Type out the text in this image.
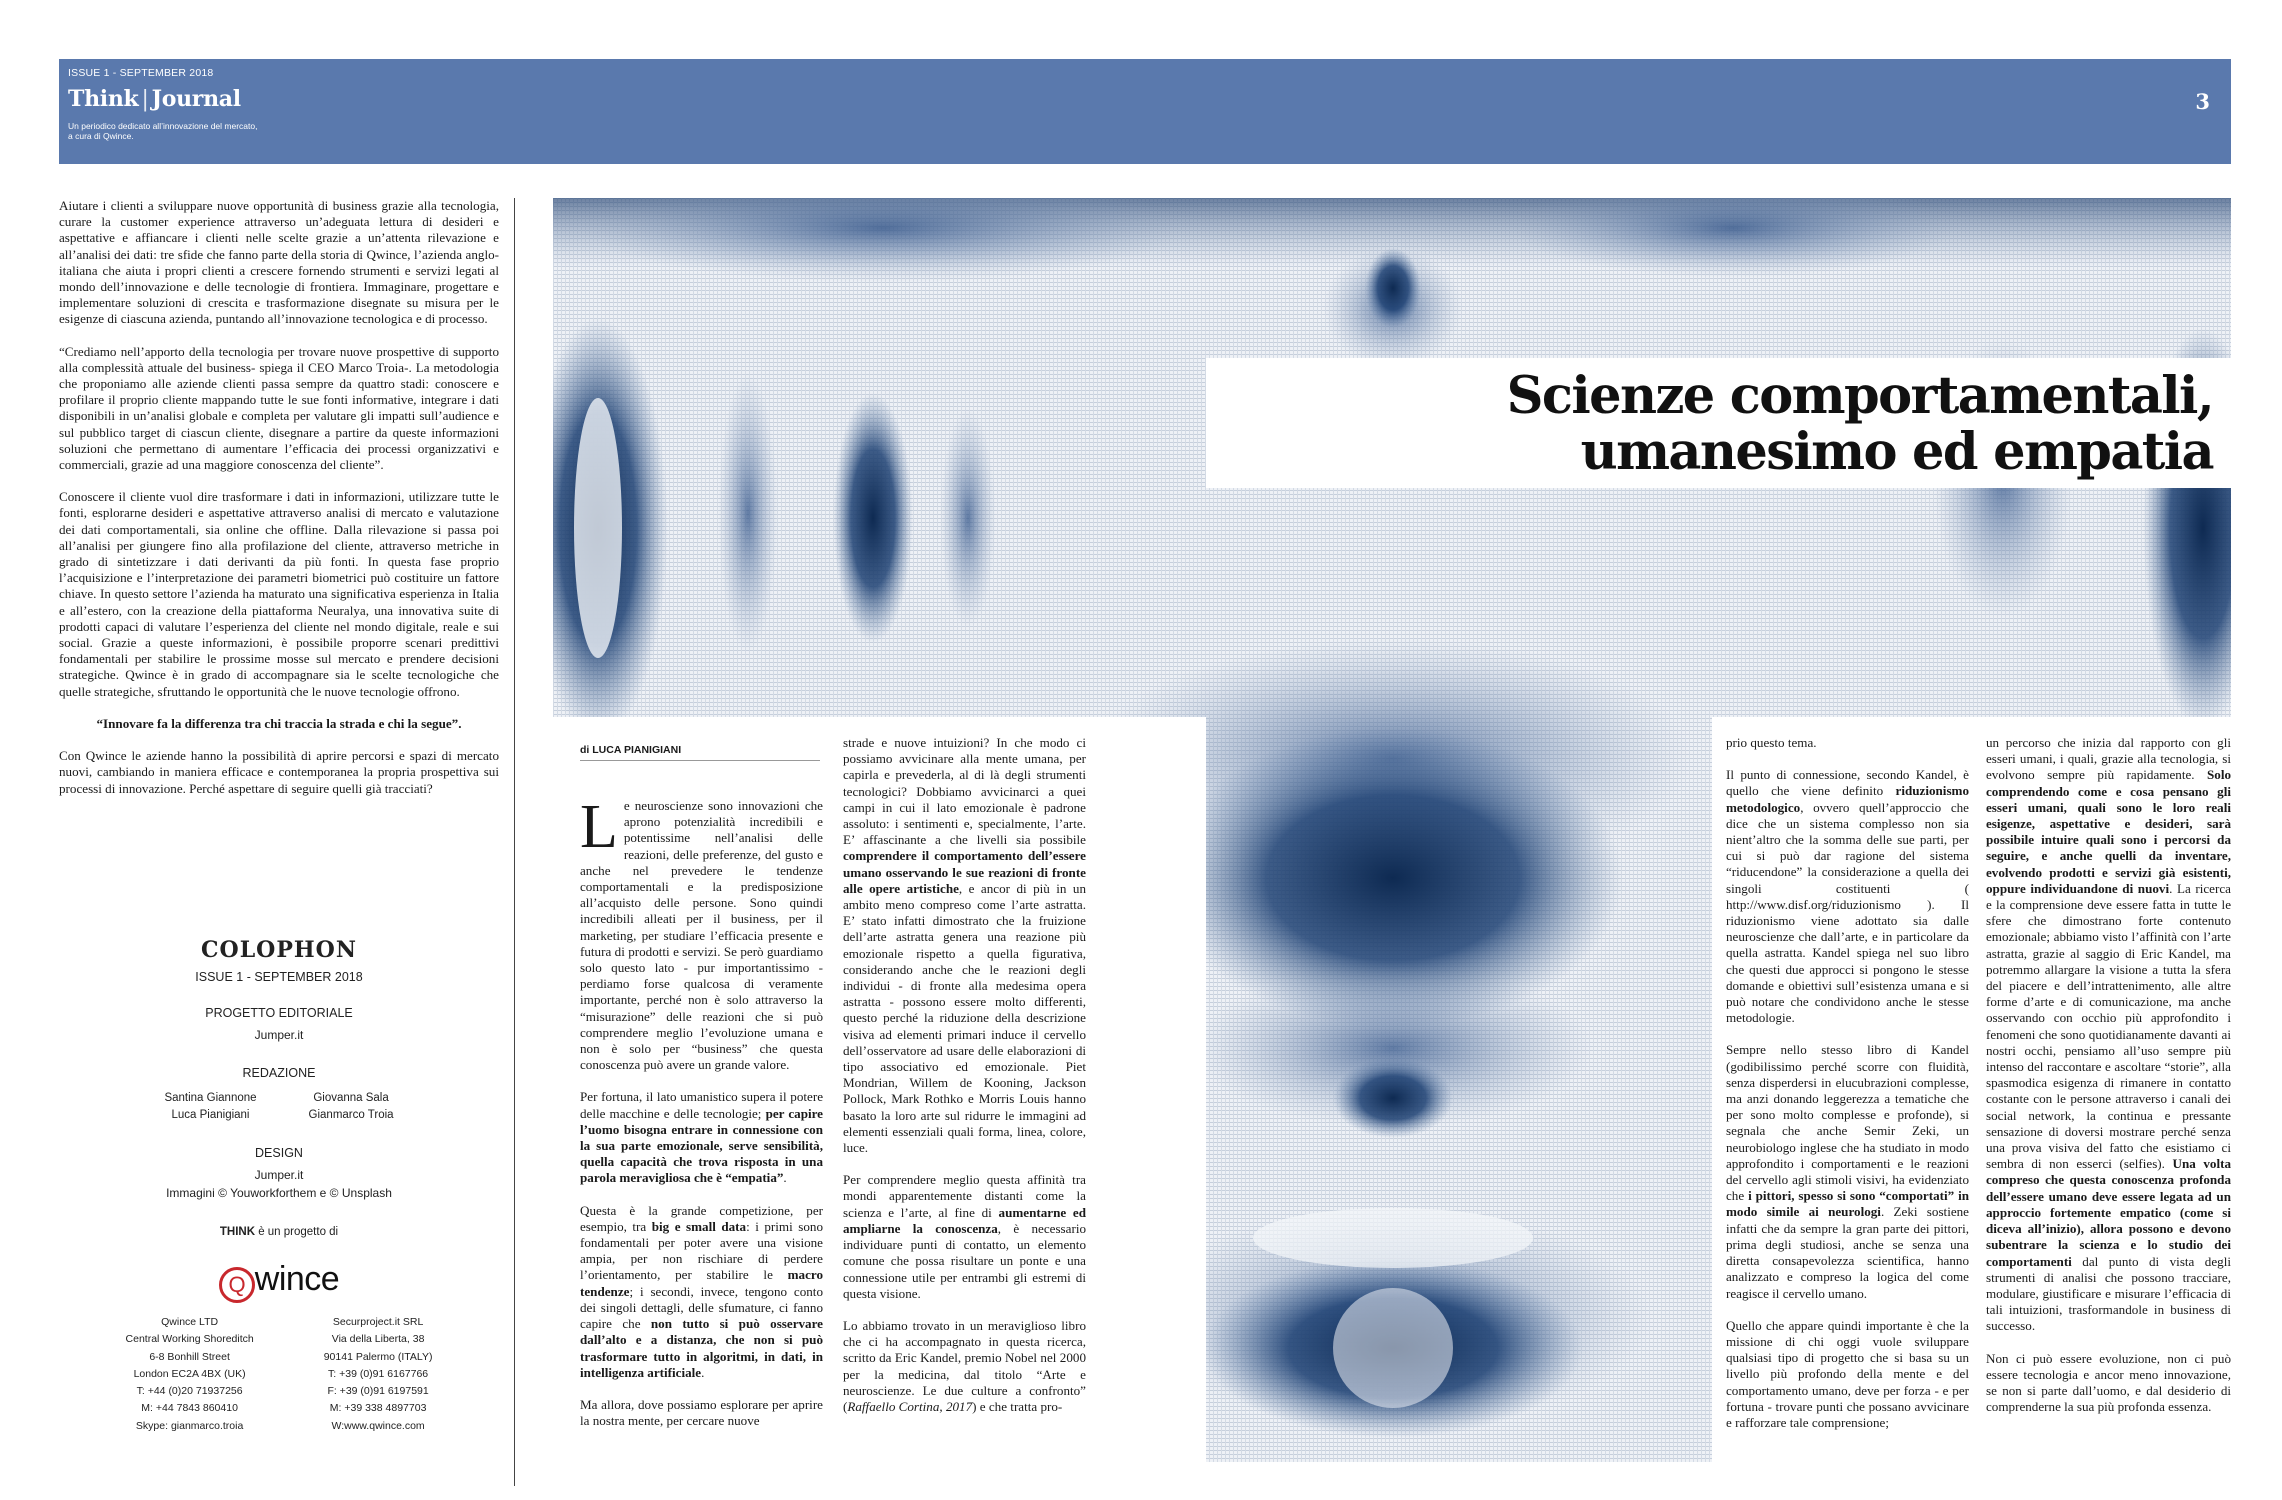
ISSUE 1 - SEPTEMBER 2018
Think | Journal
Un periodico dedicato all’innovazione del mercato, a cura di Qwince.
3

Aiutare i clienti a sviluppare nuove opportunità di business grazie alla tecnologia, curare la customer experience attraverso un’adeguata lettura di desideri e aspettative e affiancare i clienti nelle scelte grazie a un’attenta rilevazione e all’analisi dei dati: tre sfide che fanno parte della storia di Qwince, l’azienda anglo-italiana che aiuta i propri clienti a crescere fornendo strumenti e servizi legati al mondo dell’innovazione e delle tecnologie di frontiera. Immaginare, progettare e implementare soluzioni di crescita e trasformazione disegnate su misura per le esigenze di ciascuna azienda, puntando all’innovazione tecnologica e di processo.

“Crediamo nell’apporto della tecnologia per trovare nuove prospettive di supporto alla complessità attuale del business- spiega il CEO Marco Troia-. La metodologia che proponiamo alle aziende clienti passa sempre da quattro stadi: conoscere e profilare il proprio cliente mappando tutte le sue fonti informative, integrare i dati disponibili in un’analisi globale e completa per valutare gli impatti sull’audience e sul pubblico target di ciascun cliente, disegnare a partire da queste informazioni soluzioni che permettano di aumentare l’efficacia dei processi organizzativi e commerciali, grazie ad una maggiore conoscenza del cliente”.

Conoscere il cliente vuol dire trasformare i dati in informazioni, utilizzare tutte le fonti, esplorarne desideri e aspettative attraverso analisi di mercato e valutazione dei dati comportamentali, sia online che offline. Dalla rilevazione si passa poi all’analisi per giungere fino alla profilazione del cliente, attraverso metriche in grado di sintetizzare i dati derivanti da più fonti. In questa fase proprio l’acquisizione e l’interpretazione dei parametri biometrici può costituire un fattore chiave. In questo settore l’azienda ha maturato una significativa esperienza in Italia e all’estero, con la creazione della piattaforma Neuralya, una innovativa suite di prodotti capaci di valutare l’esperienza del cliente nel mondo digitale, reale e sui social. Grazie a queste informazioni, è possibile proporre scenari predittivi fondamentali per stabilire le prossime mosse sul mercato e prendere decisioni strategiche. Qwince è in grado di accompagnare sia le scelte tecnologiche che quelle strategiche, sfruttando le opportunità che le nuove tecnologie offrono.

“Innovare fa la differenza tra chi traccia la strada e chi la segue”.

Con Qwince le aziende hanno la possibilità di aprire percorsi e spazi di mercato nuovi, cambiando in maniera efficace e contemporanea la propria prospettiva sui processi di innovazione. Perché aspettare di seguire quelli già tracciati?

COLOPHON
ISSUE 1 - SEPTEMBER 2018
PROGETTO EDITORIALE
Jumper.it
REDAZIONE
Santina Giannone
Luca Pianigiani
Giovanna Sala
Gianmarco Troia
DESIGN
Jumper.it
Immagini © Youworkforthem e © Unsplash
THINK è un progetto di
Q wince
Qwince LTD
Central Working Shoreditch
6-8 Bonhill Street
London EC2A 4BX (UK)
T: +44 (0)20 71937256
M: +44 7843 860410
Skype: gianmarco.troia
Securproject.it SRL
Via della Liberta, 38
90141 Palermo (ITALY)
T: +39 (0)91 6167766
F: +39 (0)91 6197591
M: +39 338 4897703
W:www.qwince.com
Scienze comportamentali,
umanesimo ed empatia
di LUCA PIANIGIANI

Le neuroscienze sono innovazioni che aprono potenzialità incredibili e potentissime nell’analisi delle reazioni, delle preferenze, del gusto e anche nel prevedere le tendenze comportamentali e la predisposizione all’acquisto delle persone. Sono quindi incredibili alleati per il business, per il marketing, per studiare l’efficacia presente e futura di prodotti e servizi. Se però guardiamo solo questo lato - pur importantissimo - perdiamo forse qualcosa di veramente importante, perché non è solo attraverso la “misurazione” delle reazioni che si può comprendere meglio l’evoluzione umana e non è solo per “business” che questa conoscenza può avere un grande valore.

Per fortuna, il lato umanistico supera il potere delle macchine e delle tecnologie; per capire l’uomo bisogna entrare in connessione con la sua parte emozionale, serve sensibilità, quella capacità che trova risposta in una parola meravigliosa che è “empatia”.

Questa è la grande competizione, per esempio, tra big e small data: i primi sono fondamentali per poter avere una visione ampia, per non rischiare di perdere l’orientamento, per stabilire le macro tendenze; i secondi, invece, tengono conto dei singoli dettagli, delle sfumature, ci fanno capire che non tutto si può osservare dall’alto e a distanza, che non si può trasformare tutto in algoritmi, in dati, in intelligenza artificiale.

Ma allora, dove possiamo esplorare per aprire la nostra mente, per cercare nuove

strade e nuove intuizioni? In che modo ci possiamo avvicinare alla mente umana, per capirla e prevederla, al di là degli strumenti tecnologici? Dobbiamo avvicinarci a quei campi in cui il lato emozionale è padrone assoluto: i sentimenti e, specialmente, l’arte. E’ affascinante a che livelli sia possibile comprendere il comportamento dell’essere umano osservando le sue reazioni di fronte alle opere artistiche, e ancor di più in un ambito meno compreso come l’arte astratta. E’ stato infatti dimostrato che la fruizione dell’arte astratta genera una reazione più emozionale rispetto a quella figurativa, considerando anche che le reazioni degli individui - di fronte alla medesima opera astratta - possono essere molto differenti, questo perché la riduzione della descrizione visiva ad elementi primari induce il cervello dell’osservatore ad usare delle elaborazioni di tipo associativo ed emozionale. Piet Mondrian, Willem de Kooning, Jackson Pollock, Mark Rothko e Morris Louis hanno basato la loro arte sul ridurre le immagini ad elementi essenziali quali forma, linea, colore, luce.

Per comprendere meglio questa affinità tra mondi apparentemente distanti come la scienza e l’arte, al fine di aumentarne ed ampliarne la conoscenza, è necessario individuare punti di contatto, un elemento comune che possa risultare un ponte e una connessione utile per entrambi gli estremi di questa visione.

Lo abbiamo trovato in un meraviglioso libro che ci ha accompagnato in questa ricerca, scritto da Eric Kandel, premio Nobel nel 2000 per la medicina, dal titolo “Arte e neuroscienze. Le due culture a confronto” (Raffaello Cortina, 2017) e che tratta pro-

prio questo tema.

Il punto di connessione, secondo Kandel, è quello che viene definito riduzionismo metodologico, ovvero quell’approccio che dice che un sistema complesso non sia nient’altro che la somma delle sue parti, per cui si può dar ragione del sistema “riducendone” la considerazione a quella dei singoli costituenti ( http://www.disf.org/riduzionismo ). Il riduzionismo viene adottato sia dalle neuroscienze che dall’arte, e in particolare da quella astratta. Kandel spiega nel suo libro che questi due approcci si pongono le stesse domande e obiettivi sull’esistenza umana e si può notare che condividono anche le stesse metodologie.

Sempre nello stesso libro di Kandel (godibilissimo perché scorre con fluidità, senza disperdersi in elucubrazioni complesse, ma anzi donando leggerezza a tematiche che per sono molto complesse e profonde), si segnala che anche Semir Zeki, un neurobiologo inglese che ha studiato in modo approfondito i comportamenti e le reazioni del cervello agli stimoli visivi, ha evidenziato che i pittori, spesso si sono “comportati” in modo simile ai neurologi. Zeki sostiene infatti che da sempre la gran parte dei pittori, prima degli studiosi, anche se senza una diretta consapevolezza scientifica, hanno analizzato e compreso la logica del come reagisce il cervello umano.

Quello che appare quindi importante è che la missione di chi oggi vuole sviluppare qualsiasi tipo di progetto che si basa su un livello più profondo della mente e del comportamento umano, deve per forza - e per fortuna - trovare punti che possano avvicinare e rafforzare tale comprensione;

un percorso che inizia dal rapporto con gli esseri umani, i quali, grazie alla tecnologia, si evolvono sempre più rapidamente. Solo comprendendo come e cosa pensano gli esseri umani, quali sono le loro reali esigenze, aspettative e desideri, sarà possibile intuire quali sono i percorsi da seguire, e anche quelli da inventare, evolvendo prodotti e servizi già esistenti, oppure individuandone di nuovi. La ricerca e la comprensione deve essere fatta in tutte le sfere che dimostrano forte contenuto emozionale; abbiamo visto l’affinità con l’arte astratta, grazie al saggio di Eric Kandel, ma potremmo allargare la visione a tutta la sfera del piacere e dell’intrattenimento, alle altre forme d’arte e di comunicazione, ma anche osservando con occhio più approfondito i fenomeni che sono quotidianamente davanti ai nostri occhi, pensiamo all’uso sempre più intenso del raccontare e ascoltare “storie”, alla spasmodica esigenza di rimanere in contatto costante con le persone attraverso i canali dei social network, la continua e pressante sensazione di doversi mostrare perché senza una prova visiva del fatto che esistiamo ci sembra di non esserci (selfies). Una volta compreso che questa conoscenza profonda dell’essere umano deve essere legata ad un approccio fortemente empatico (come si diceva all’inizio), allora possono e devono subentrare la scienza e lo studio dei comportamenti dal punto di vista degli strumenti di analisi che possono tracciare, modulare, giustificare e misurare l’efficacia di tali intuizioni, trasformandole in business di successo.

Non ci può essere evoluzione, non ci può essere tecnologia e ancor meno innovazione, se non si parte dall’uomo, e dal desiderio di comprenderne la sua più profonda essenza.
